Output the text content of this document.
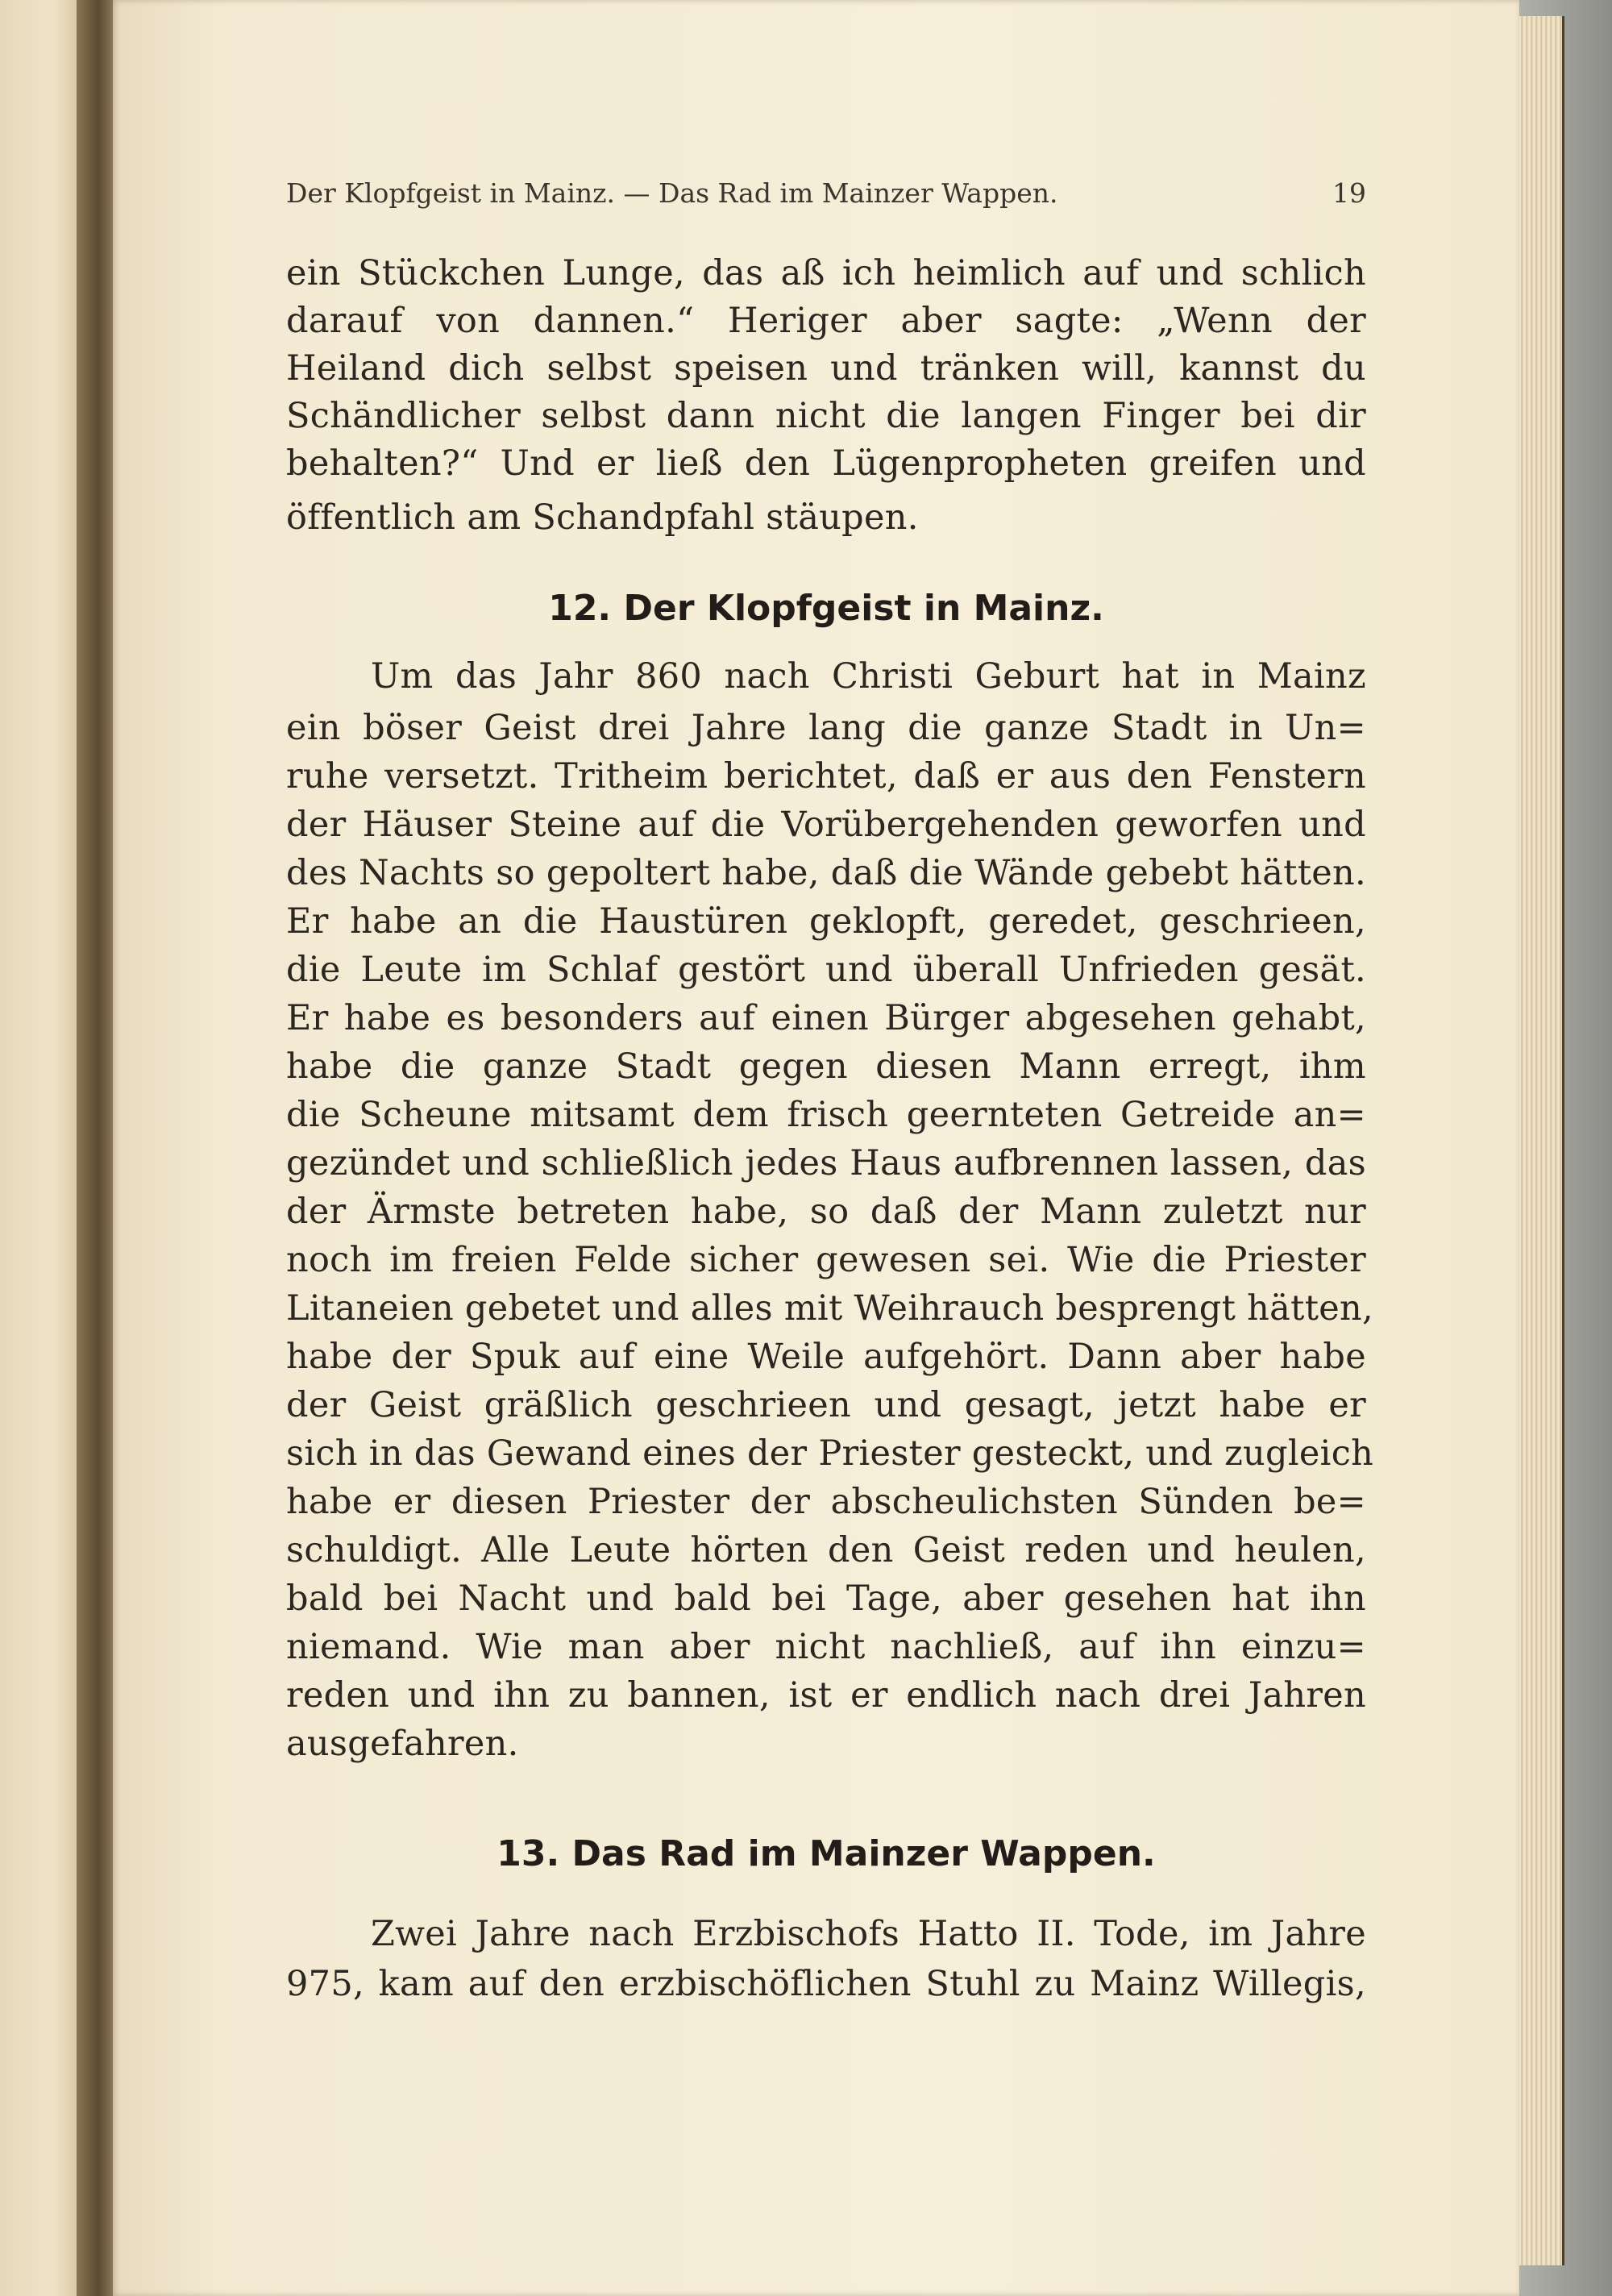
Der Klopfgeist in Mainz. — Das Rad im Mainzer Wappen.	19
ein Stückchen Lunge, das aß ich heimlich auf und schlich
darauf von dannen.“ Heriger aber sagte: „Wenn der
Heiland dich selbst speisen und tränken will, kannst du
Schändlicher selbst dann nicht die langen Finger bei dir
behalten?“ Und er ließ den Lügenpropheten greifen und
öffentlich am Schandpfahl stäupen.
12. Der Klopfgeist in Mainz.
Um das Jahr 860 nach Christi Geburt hat in Mainz
ein böser Geist drei Jahre lang die ganze Stadt in Un=
ruhe versetzt. Tritheim berichtet, daß er aus den Fenstern
der Häuser Steine auf die Vorübergehenden geworfen und
des Nachts so gepoltert habe, daß die Wände gebebt hätten.
Er habe an die Haustüren geklopft, geredet, geschrieen,
die Leute im Schlaf gestört und überall Unfrieden gesät.
Er habe es besonders auf einen Bürger abgesehen gehabt,
habe die ganze Stadt gegen diesen Mann erregt, ihm
die Scheune mitsamt dem frisch geernteten Getreide an=
gezündet und schließlich jedes Haus aufbrennen lassen, das
der Ärmste betreten habe, so daß der Mann zuletzt nur
noch im freien Felde sicher gewesen sei. Wie die Priester
Litaneien gebetet und alles mit Weihrauch besprengt hätten,
habe der Spuk auf eine Weile aufgehört. Dann aber habe
der Geist gräßlich geschrieen und gesagt, jetzt habe er
sich in das Gewand eines der Priester gesteckt, und zugleich
habe er diesen Priester der abscheulichsten Sünden be=
schuldigt. Alle Leute hörten den Geist reden und heulen,
bald bei Nacht und bald bei Tage, aber gesehen hat ihn
niemand. Wie man aber nicht nachließ, auf ihn einzu=
reden und ihn zu bannen, ist er endlich nach drei Jahren
ausgefahren.
13. Das Rad im Mainzer Wappen.
Zwei Jahre nach Erzbischofs Hatto II. Tode, im Jahre
975, kam auf den erzbischöflichen Stuhl zu Mainz Willegis,
